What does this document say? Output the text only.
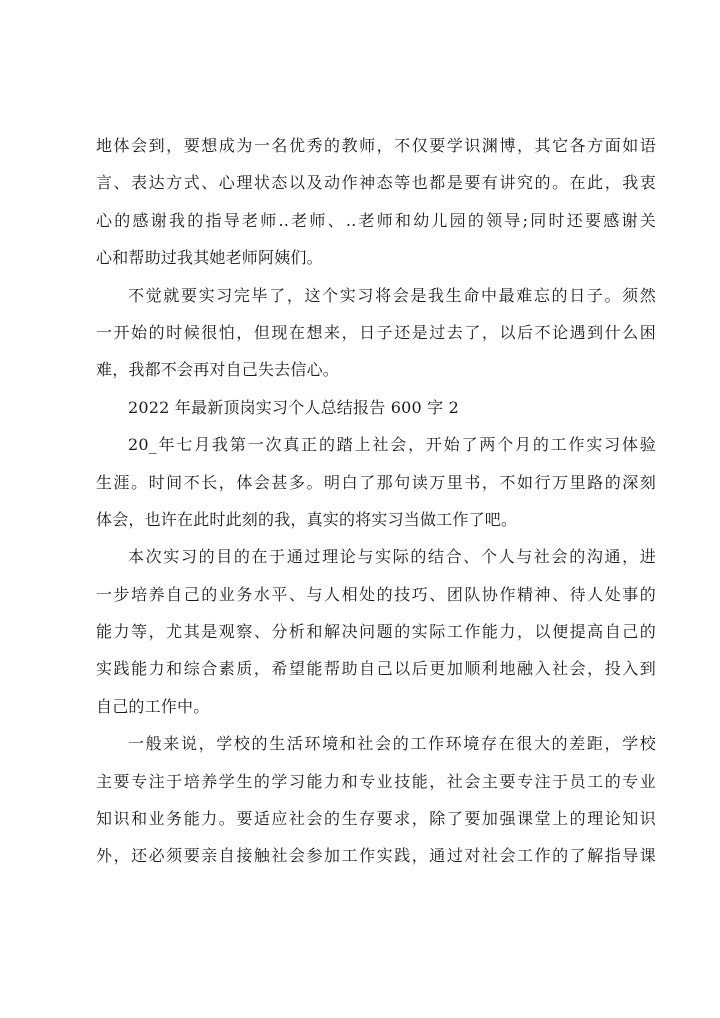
地体会到，要想成为一名优秀的教师，不仅要学识渊博，其它各方面如语
言、表达方式、心理状态以及动作神态等也都是要有讲究的。在此，我衷
心的感谢我的指导老师..老师、..老师和幼儿园的领导;同时还要感谢关
心和帮助过我其她老师阿姨们。
不觉就要实习完毕了，这个实习将会是我生命中最难忘的日子。须然
一开始的时候很怕，但现在想来，日子还是过去了，以后不论遇到什么困
难，我都不会再对自己失去信心。
2022 年最新顶岗实习个人总结报告 600 字 2
20_年七月我第一次真正的踏上社会，开始了两个月的工作实习体验
生涯。时间不长，体会甚多。明白了那句读万里书，不如行万里路的深刻
体会，也许在此时此刻的我，真实的将实习当做工作了吧。
本次实习的目的在于通过理论与实际的结合、个人与社会的沟通，进
一步培养自己的业务水平、与人相处的技巧、团队协作精神、待人处事的
能力等，尤其是观察、分析和解决问题的实际工作能力，以便提高自己的
实践能力和综合素质，希望能帮助自己以后更加顺利地融入社会，投入到
自己的工作中。
一般来说，学校的生活环境和社会的工作环境存在很大的差距，学校
主要专注于培养学生的学习能力和专业技能，社会主要专注于员工的专业
知识和业务能力。要适应社会的生存要求，除了要加强课堂上的理论知识
外，还必须要亲自接触社会参加工作实践，通过对社会工作的了解指导课
